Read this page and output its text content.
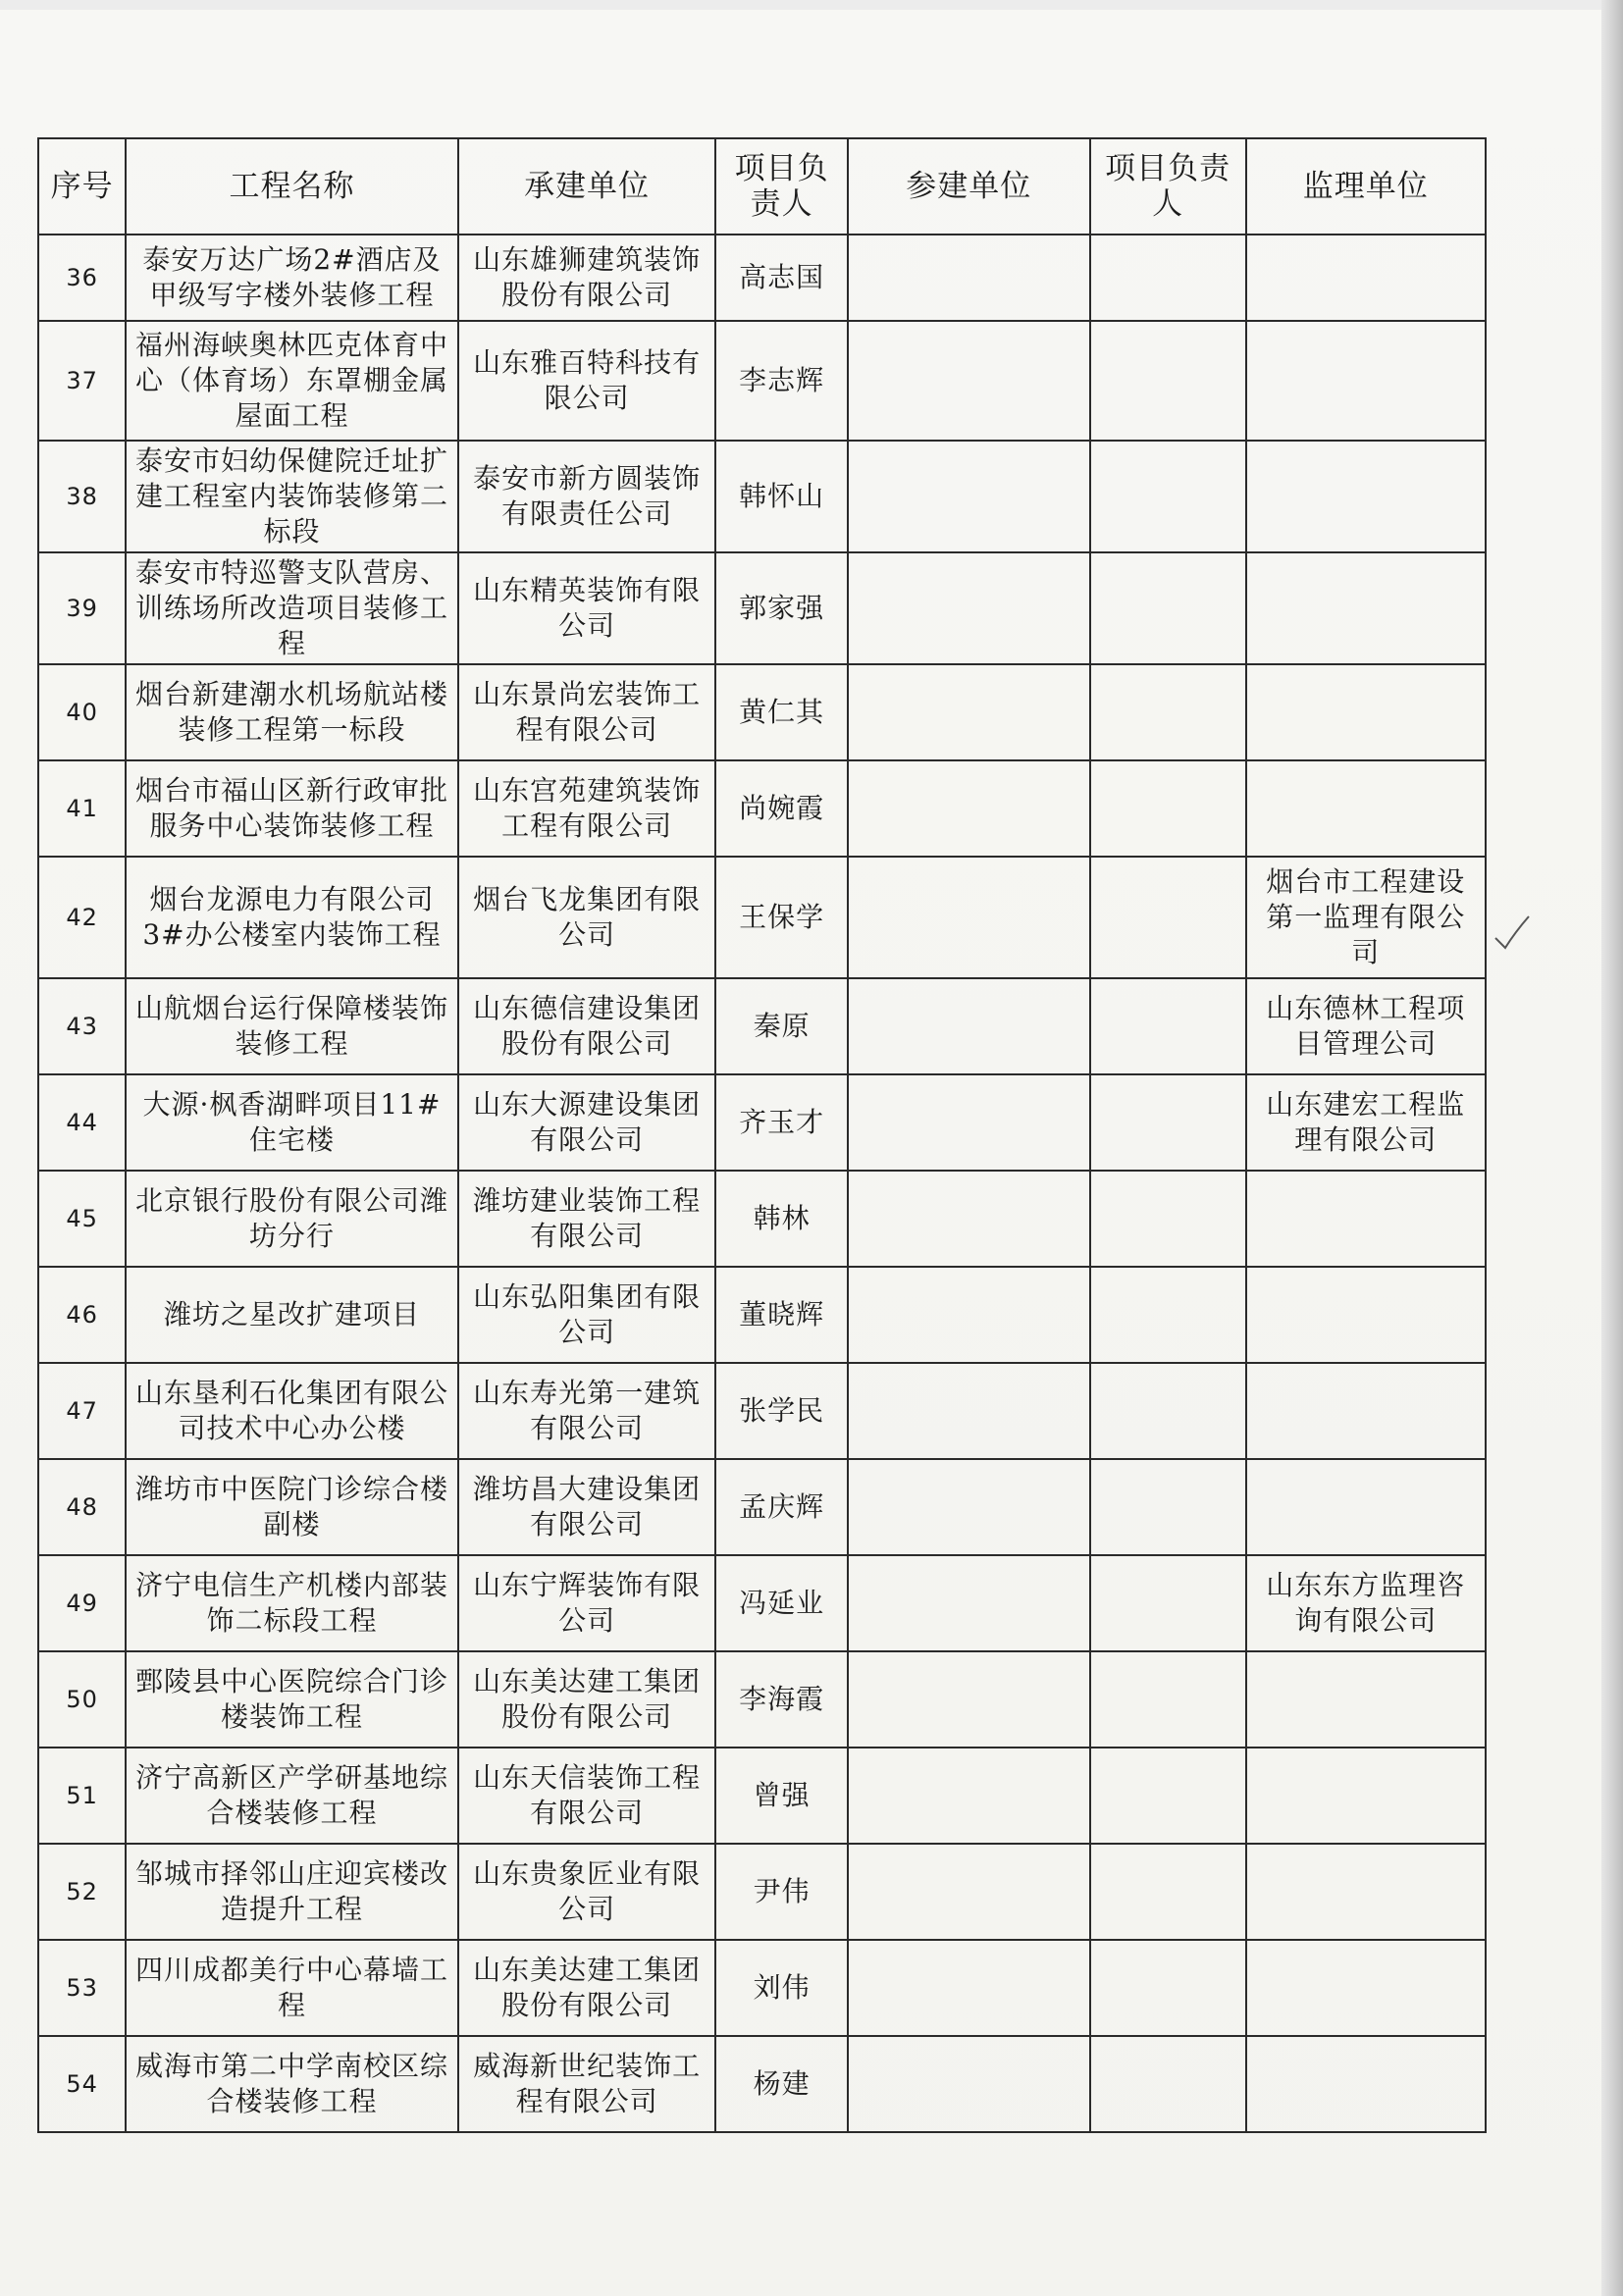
序号	工程名称	承建单位	项目负责人	参建单位	项目负责人	监理单位
36	泰安万达广场2#酒店及甲级写字楼外装修工程	山东雄狮建筑装饰股份有限公司	高志国			
37	福州海峡奥林匹克体育中心（体育场）东罩棚金属屋面工程	山东雅百特科技有限公司	李志辉			
38	泰安市妇幼保健院迁址扩建工程室内装饰装修第二标段	泰安市新方圆装饰有限责任公司	韩怀山			
39	泰安市特巡警支队营房、训练场所改造项目装修工程	山东精英装饰有限公司	郭家强			
40	烟台新建潮水机场航站楼装修工程第一标段	山东景尚宏装饰工程有限公司	黄仁其			
41	烟台市福山区新行政审批服务中心装饰装修工程	山东宫苑建筑装饰工程有限公司	尚婉霞			
42	烟台龙源电力有限公司3#办公楼室内装饰工程	烟台飞龙集团有限公司	王保学			烟台市工程建设第一监理有限公司
43	山航烟台运行保障楼装饰装修工程	山东德信建设集团股份有限公司	秦原			山东德林工程项目管理公司
44	大源·枫香湖畔项目11#住宅楼	山东大源建设集团有限公司	齐玉才			山东建宏工程监理有限公司
45	北京银行股份有限公司潍坊分行	潍坊建业装饰工程有限公司	韩林			
46	潍坊之星改扩建项目	山东弘阳集团有限公司	董晓辉			
47	山东垦利石化集团有限公司技术中心办公楼	山东寿光第一建筑有限公司	张学民			
48	潍坊市中医院门诊综合楼副楼	潍坊昌大建设集团有限公司	孟庆辉			
49	济宁电信生产机楼内部装饰二标段工程	山东宁辉装饰有限公司	冯延业			山东东方监理咨询有限公司
50	鄄陵县中心医院综合门诊楼装饰工程	山东美达建工集团股份有限公司	李海霞			
51	济宁高新区产学研基地综合楼装修工程	山东天信装饰工程有限公司	曾强			
52	邹城市择邻山庄迎宾楼改造提升工程	山东贵象匠业有限公司	尹伟			
53	四川成都美行中心幕墙工程	山东美达建工集团股份有限公司	刘伟			
54	威海市第二中学南校区综合楼装修工程	威海新世纪装饰工程有限公司	杨建			
